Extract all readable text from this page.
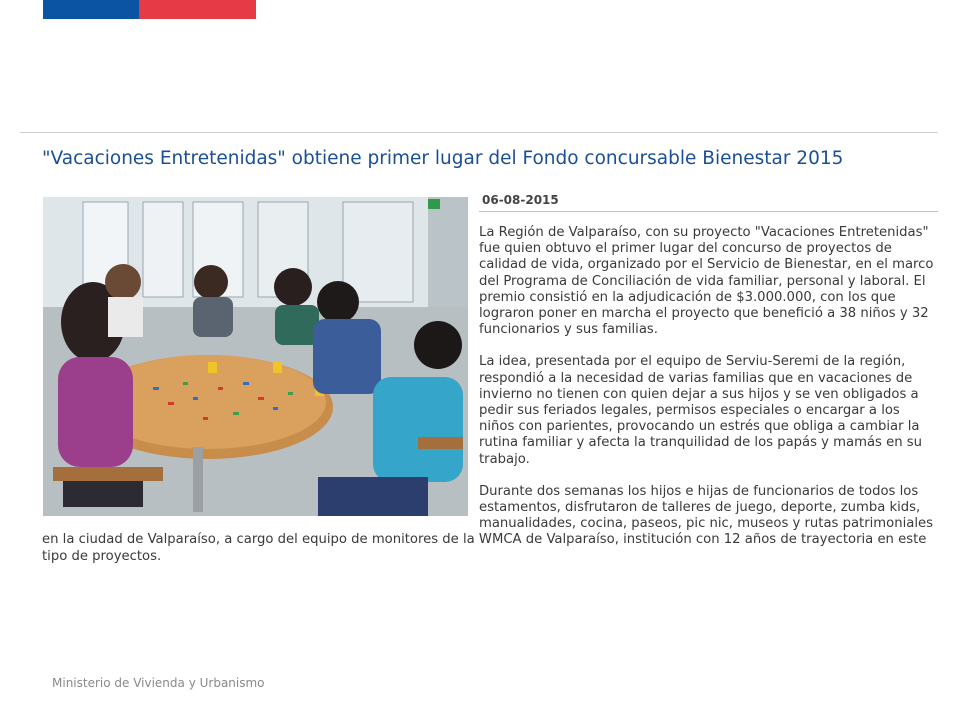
"Vacaciones Entretenidas" obtiene primer lugar del Fondo concursable Bienestar 2015
06-08-2015

La Región de Valparaíso, con su proyecto "Vacaciones Entretenidas" fue quien obtuvo el primer lugar del concurso de proyectos de calidad de vida, organizado por el Servicio de Bienestar, en el marco del Programa de Conciliación de vida familiar, personal y laboral. El premio consistió en la adjudicación de $3.000.000, con los que lograron poner en marcha el proyecto que benefició a 38 niños y 32 funcionarios y sus familias.

La idea, presentada por el equipo de Serviu-Seremi de la región, respondió a la necesidad de varias familias que en vacaciones de invierno no tienen con quien dejar a sus hijos y se ven obligados a pedir sus feriados legales, permisos especiales o encargar a los niños con parientes, provocando un estrés que obliga a cambiar la rutina familiar y afecta la tranquilidad de los papás y mamás en su trabajo.

Durante dos semanas los hijos e hijas de funcionarios de todos los estamentos, disfrutaron de talleres de juego, deporte, zumba kids, manualidades, cocina, paseos, pic nic, museos y rutas patrimoniales en la ciudad de Valparaíso, a cargo del equipo de monitores de la WMCA de Valparaíso, institución con 12 años de trayectoria en este tipo de proyectos.

Ministerio de Vivienda y Urbanismo
